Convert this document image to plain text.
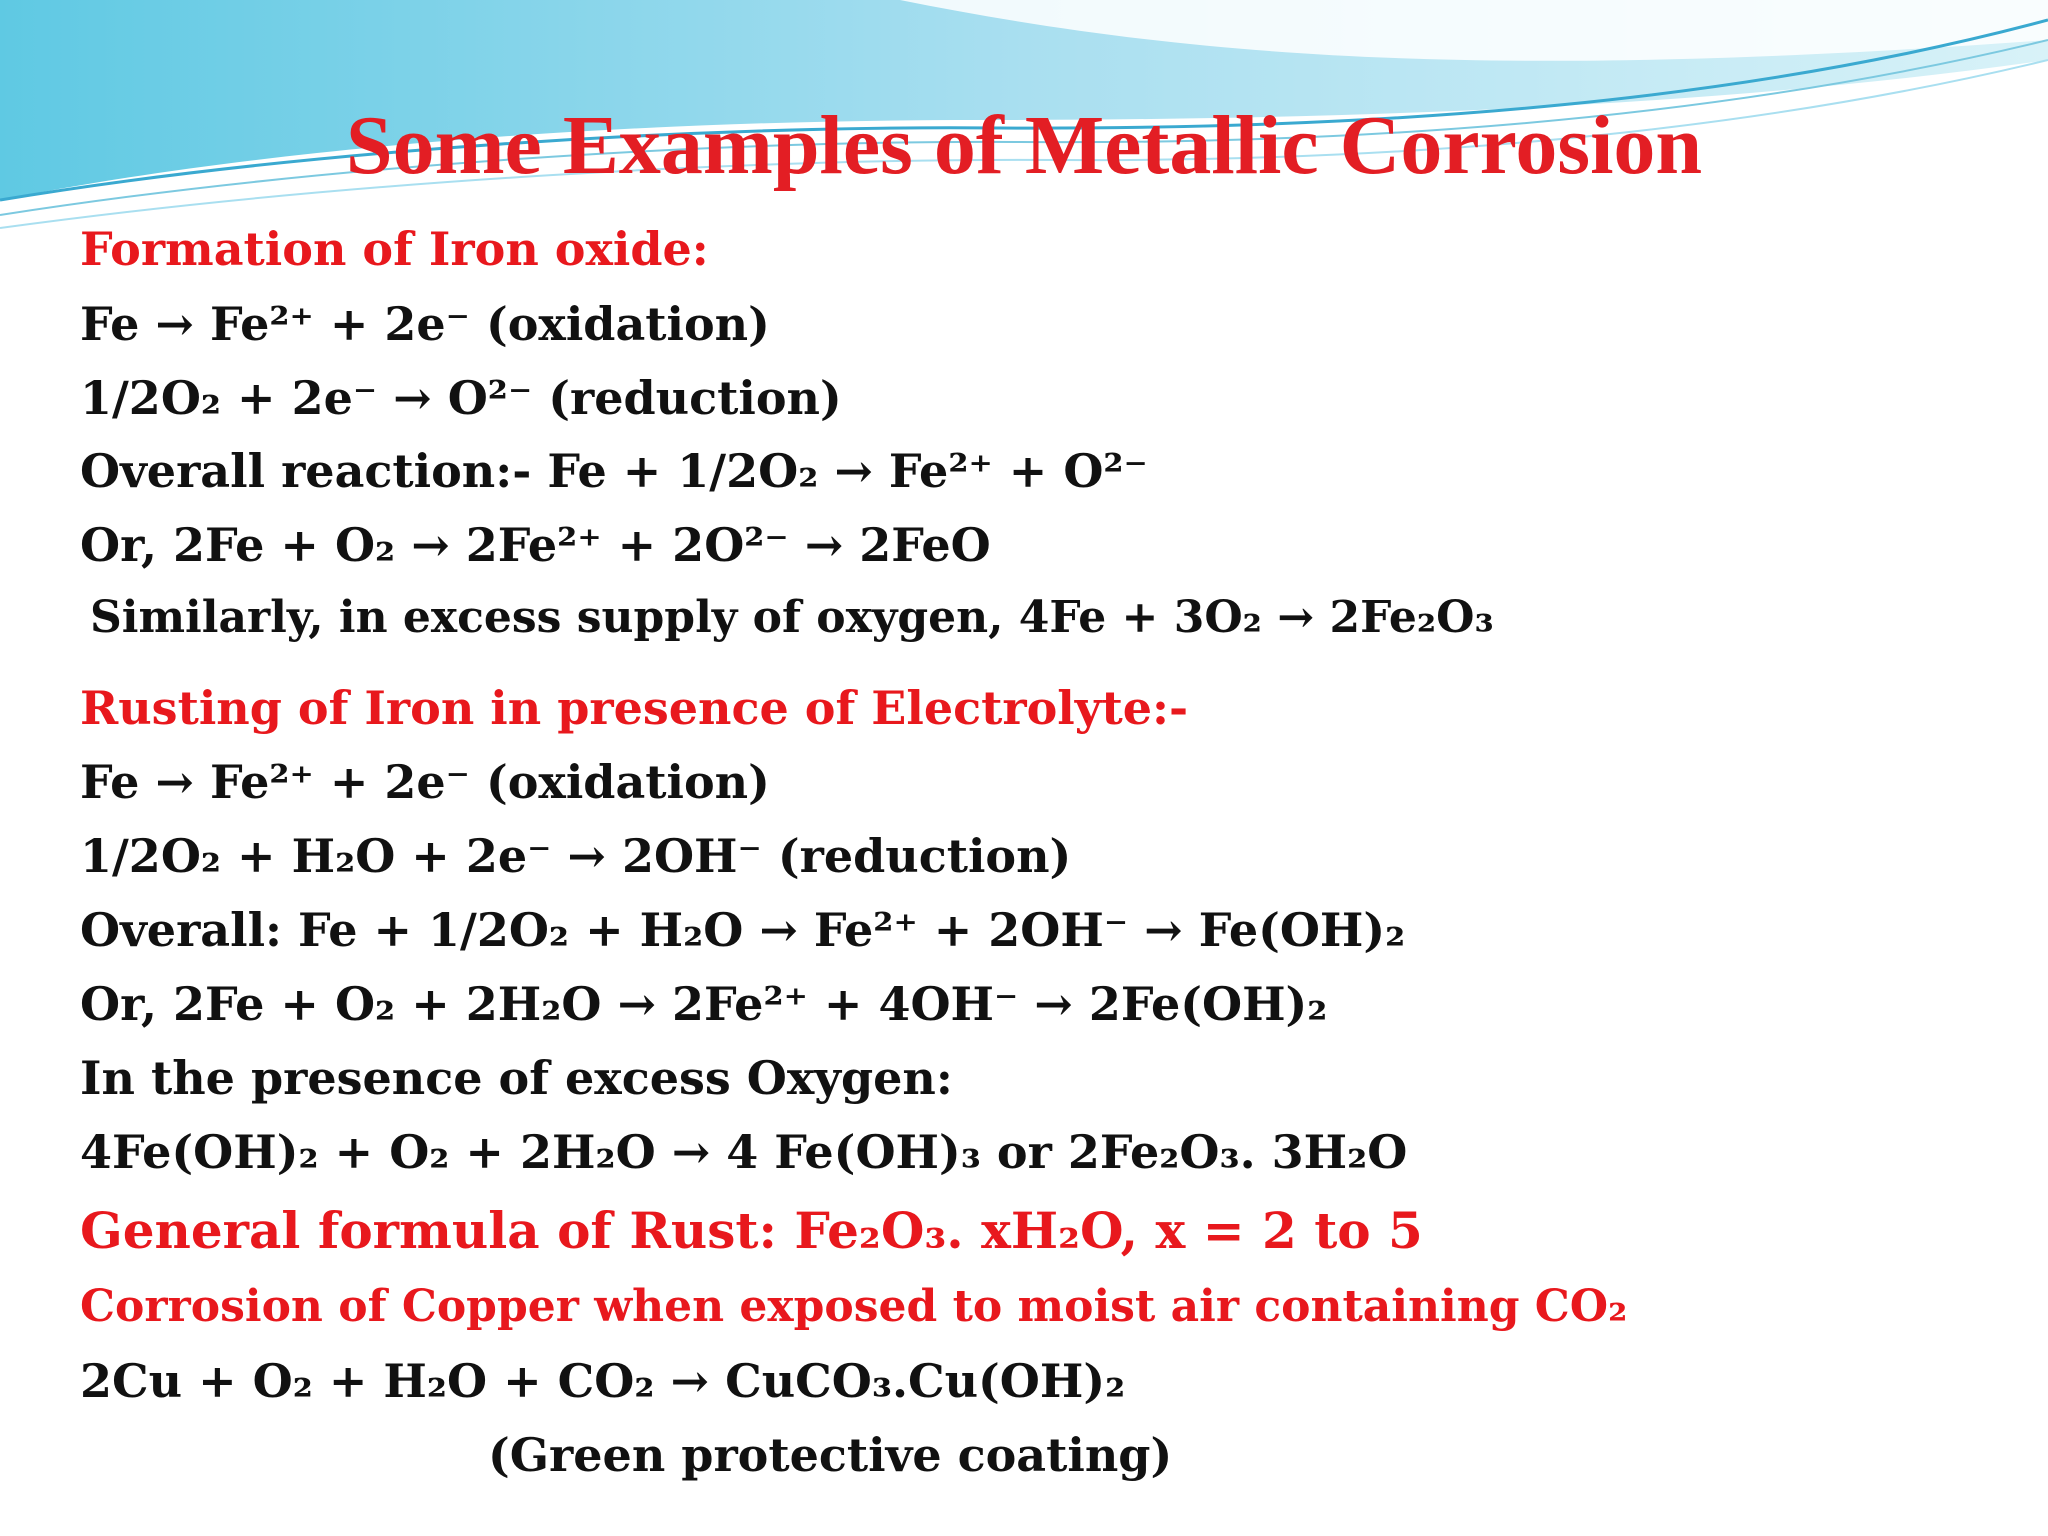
Some Examples of Metallic Corrosion
Formation of Iron oxide:
Fe → Fe²⁺ + 2e⁻ (oxidation)
1/2O₂ + 2e⁻ → O²⁻ (reduction)
Overall reaction:- Fe + 1/2O₂ → Fe²⁺ + O²⁻
Or, 2Fe + O₂ → 2Fe²⁺ + 2O²⁻ → 2FeO
Similarly, in excess supply of oxygen, 4Fe + 3O₂ → 2Fe₂O₃
Rusting of Iron in presence of Electrolyte:-
Fe → Fe²⁺ + 2e⁻ (oxidation)
1/2O₂ + H₂O + 2e⁻ → 2OH⁻ (reduction)
Overall: Fe + 1/2O₂ + H₂O → Fe²⁺ + 2OH⁻ → Fe(OH)₂
Or, 2Fe + O₂ + 2H₂O → 2Fe²⁺ + 4OH⁻ → 2Fe(OH)₂
In the presence of excess Oxygen:
4Fe(OH)₂ + O₂ + 2H₂O → 4 Fe(OH)₃ or 2Fe₂O₃. 3H₂O
General formula of Rust: Fe₂O₃. xH₂O, x = 2 to 5
Corrosion of Copper when exposed to moist air containing CO₂
2Cu + O₂ + H₂O + CO₂ → CuCO₃.Cu(OH)₂
(Green protective coating)
